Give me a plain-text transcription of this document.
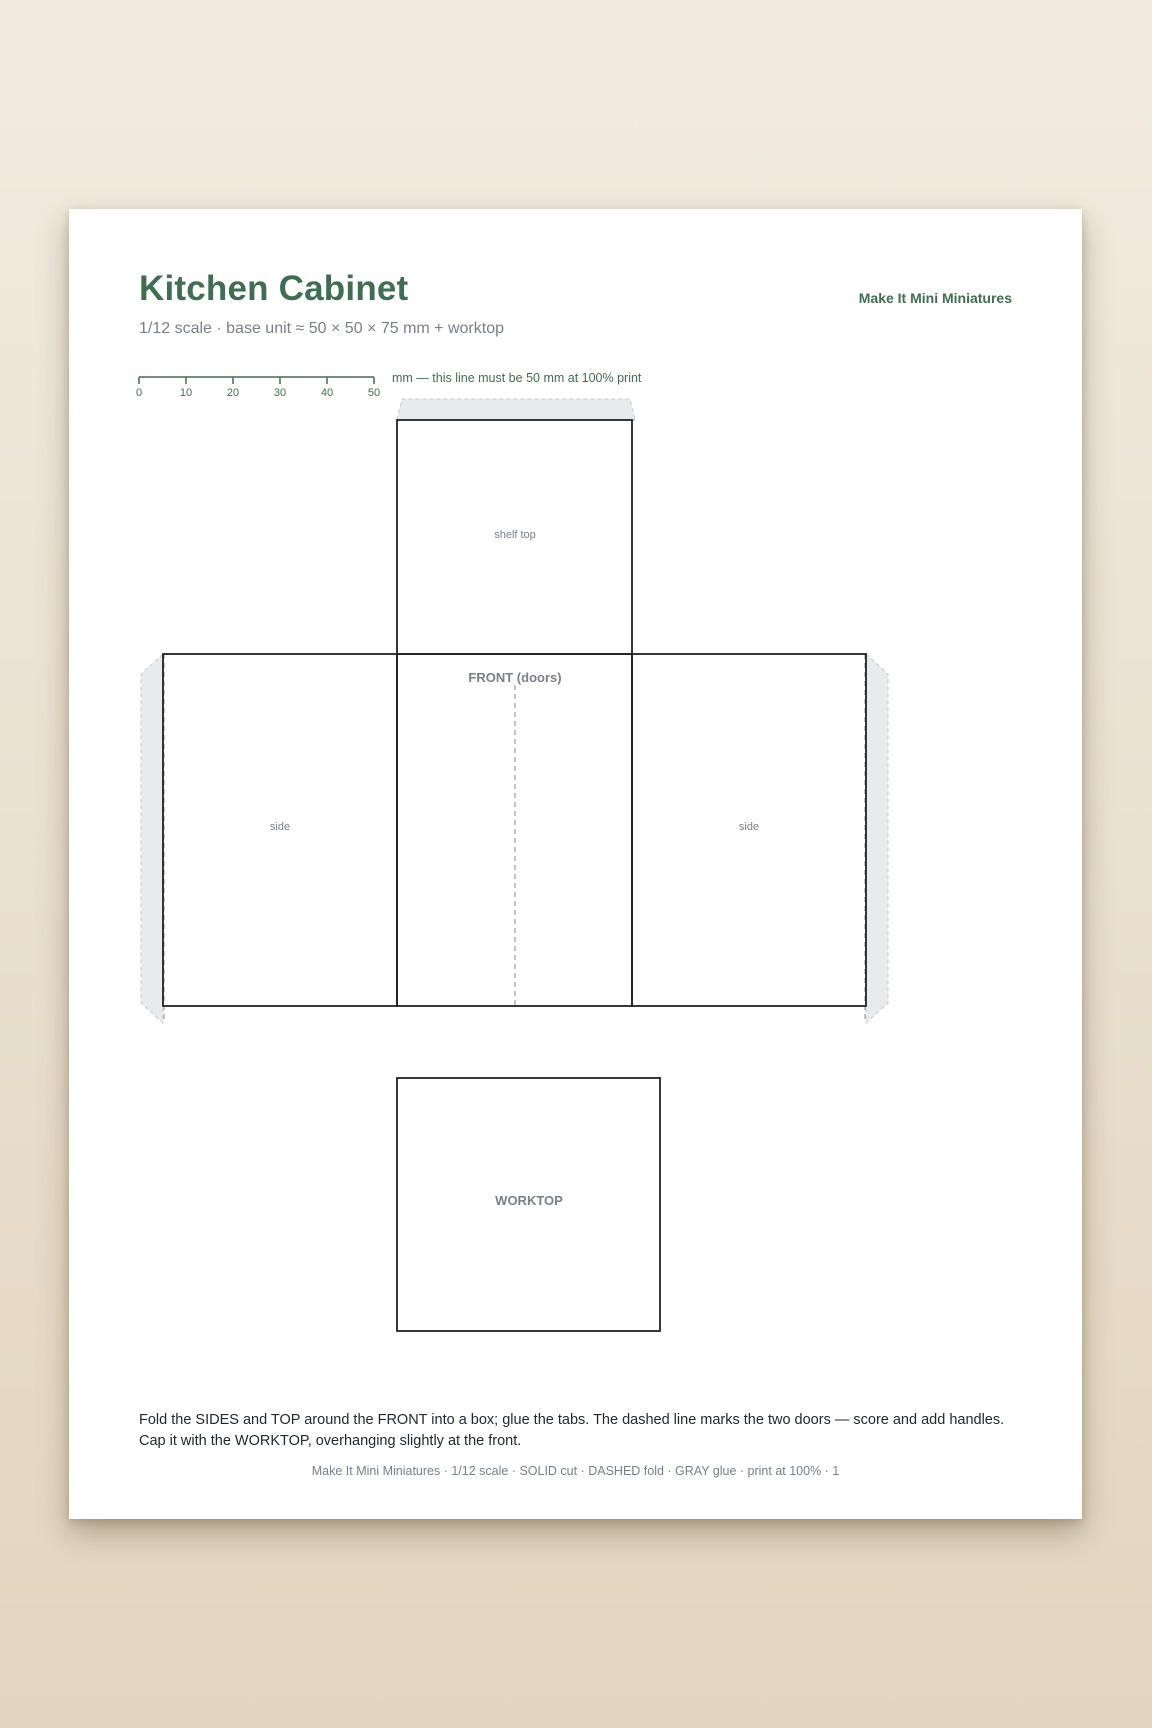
Kitchen Cabinet
1/12 scale · base unit ≈ 50 × 50 × 75 mm + worktop
Make It Mini Miniatures
mm — this line must be 50 mm at 100% print
0	10	20	30	40	50
shelf top
FRONT (doors)
side	side
WORKTOP

Fold the SIDES and TOP around the FRONT into a box; glue the tabs. The dashed line marks the two doors — score and add handles.
Cap it with the WORKTOP, overhanging slightly at the front.

Make It Mini Miniatures · 1/12 scale · SOLID cut · DASHED fold · GRAY glue · print at 100% · 1
